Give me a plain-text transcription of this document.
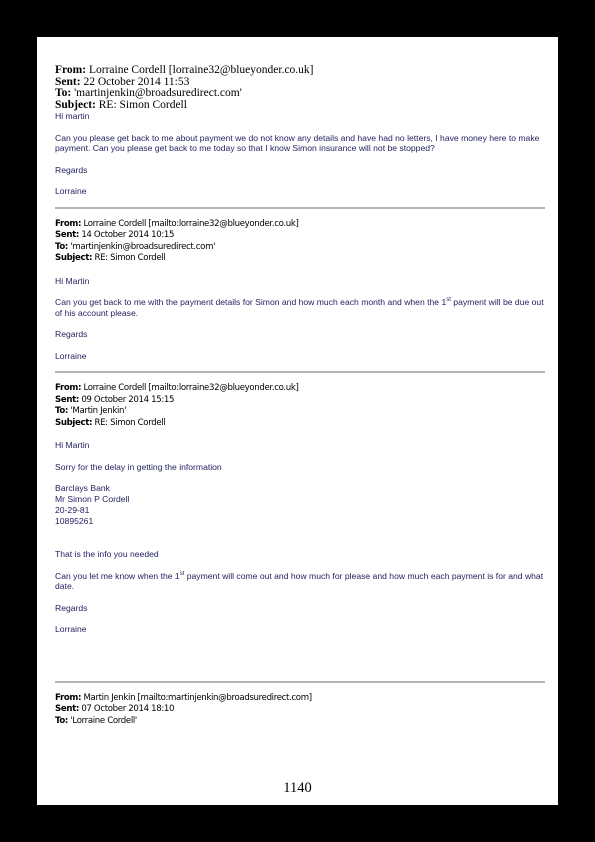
From: Lorraine Cordell [lorraine32@blueyonder.co.uk]
Sent: 22 October 2014 11:53
To: 'martinjenkin@broadsuredirect.com'
Subject: RE: Simon Cordell
Hi martin
Can you please get back to me about payment we do not know any details and have had no letters, I have money here to make payment. Can you please get back to me today so that I know Simon insurance will not be stopped?
Regards
Lorraine
From: Lorraine Cordell [mailto:lorraine32@blueyonder.co.uk]
Sent: 14 October 2014 10:15
To: 'martinjenkin@broadsuredirect.com'
Subject: RE: Simon Cordell
Hi Martin
Can you get back to me with the payment details for Simon and how much each month and when the 1st payment will be due out of his account please.
Regards
Lorraine
From: Lorraine Cordell [mailto:lorraine32@blueyonder.co.uk]
Sent: 09 October 2014 15:15
To: 'Martin Jenkin'
Subject: RE: Simon Cordell
Hi Martin
Sorry for the delay in getting the information
Barclays Bank
Mr Simon P Cordell
20-29-81
10895261
That is the info you needed
Can you let me know when the 1st payment will come out and how much for please and how much each payment is for and what date.
Regards
Lorraine
From: Martin Jenkin [mailto:martinjenkin@broadsuredirect.com]
Sent: 07 October 2014 18:10
To: 'Lorraine Cordell'
1140
